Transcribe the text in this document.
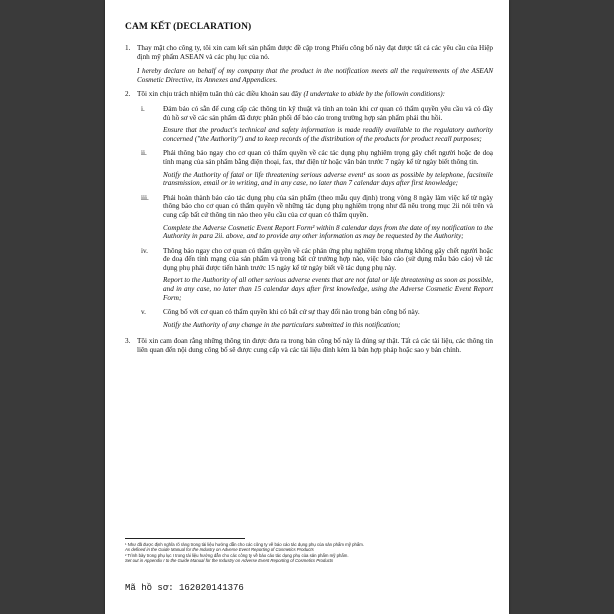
CAM KẾT (DECLARATION)
1. Thay mặt cho công ty, tôi xin cam kết sản phẩm được đề cập trong Phiếu công bố này đạt được tất cả các yêu cầu của Hiệp định mỹ phẩm ASEAN và các phụ lục của nó.

I hereby declare on behalf of my company that the product in the notification meets all the requirements of the ASEAN Cosmetic Directive, its Annexes and Appendices.

2. Tôi xin chịu trách nhiệm tuân thủ các điều khoản sau đây (I undertake to abide by the followin conditions):

i.	Đảm bảo có sẵn để cung cấp các thông tin kỹ thuật và tính an toàn khi cơ quan có thẩm quyền yêu cầu và có đầy đủ hồ sơ về các sản phẩm đã được phân phối để bảo cáo trong trường hợp sản phẩm phải thu hồi.

Ensure that the product's technical and safety information is made readily available to the regulatory authority concerned ("the Authority") and to keep records of the distribution of the products for product recall purposes;

ii.	Phải thông báo ngay cho cơ quan có thẩm quyền về các tác dụng phụ nghiêm trọng gây chết người hoặc đe doạ tính mạng của sản phẩm bằng điện thoại, fax, thư điện tử hoặc văn bản trước 7 ngày kể từ ngày biết thông tin.

Notify the Authority of fatal or life threatening serious adverse event¹ as soon as possible by telephone, facsimile transmission, email or in writing, and in any case, no later than 7 calendar days after first knowledge;

iii.	Phải hoàn thành báo cáo tác dụng phụ của sản phẩm (theo mẫu quy định) trong vòng 8 ngày làm việc kể từ ngày thông báo cho cơ quan có thẩm quyền về những tác dụng phụ nghiêm trọng như đã nêu trong mục 2ii nói trên và cung cấp bất cứ thông tin nào theo yêu cầu của cơ quan có thẩm quyền.

Complete the Adverse Cosmetic Event Report Form² within 8 calendar days from the date of my notification to the Authority in para 2ii. above, and to provide any other information as may be requested by the Authority;

iv.	Thông báo ngay cho cơ quan có thẩm quyền về các phản ứng phụ nghiêm trọng nhưng không gây chết người hoặc đe doạ đến tính mạng của sản phẩm và trong bất cứ trường hợp nào, việc báo cáo (sử dụng mẫu báo cáo) về tác dụng phụ phải được tiến hành trước 15 ngày kể từ ngày biết về tác dụng phụ này.

Report to the Authority of all other serious adverse events that are not fatal or life threatening as soon as possible, and in any case, no later than 15 calendar days after first knowledge, using the Adverse Cosmetic Event Report Form;

v.	Công bố với cơ quan có thẩm quyền khi có bất cứ sự thay đổi nào trong bản công bố này.

Notify the Authority of any change in the particulars submitted in this notification;

3. Tôi xin cam đoan rằng những thông tin được đưa ra trong bản công bố này là đúng sự thật. Tất cả các tài liệu, các thông tin liên quan đến nội dung công bố sẽ được cung cấp và các tài liệu đính kèm là bản hợp pháp hoặc sao y bản chính.

¹ Như đã được định nghĩa rõ ràng trong tài liệu hướng dẫn cho các công ty về báo cáo tác dụng phụ của sản phẩm mỹ phẩm.
As defined in the Guide Manual for the Industry on Adverse Event Reporting of Cosmetics Products
² Trình bày trong phụ lục I trong tài liệu hướng dẫn cho các công ty về báo cáo tác dụng phụ của sản phẩm mỹ phẩm.
Set out in Appendix I to the Guide Manual for the Industry on Adverse Event Reporting of Cosmetics Products
Mã hồ sơ: 162020141376
